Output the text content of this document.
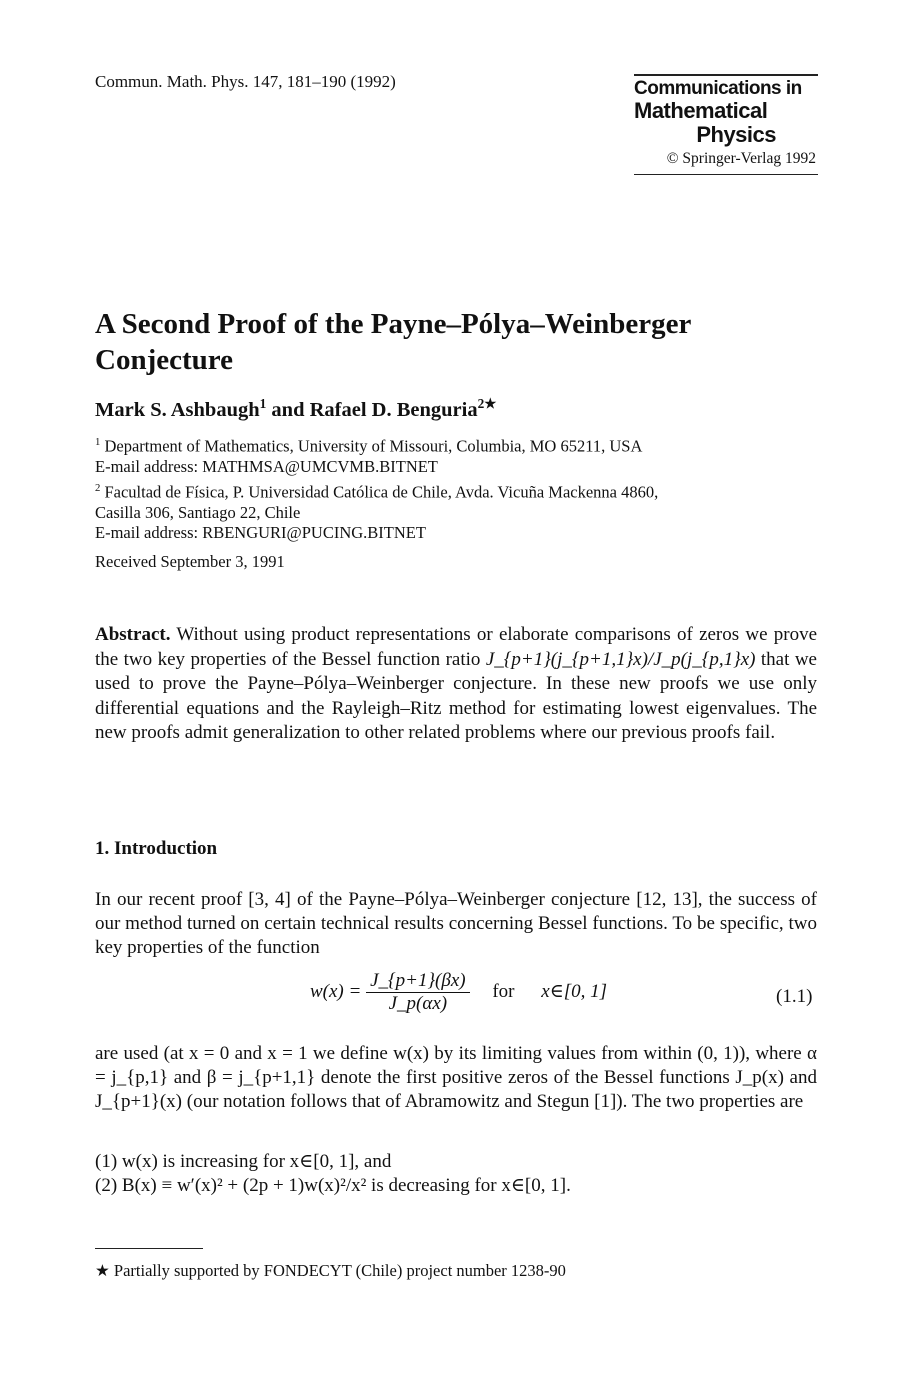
Commun. Math. Phys. 147, 181–190 (1992)	Communications in
Mathematical
Physics
© Springer-Verlag 1992
A Second Proof of the Payne–Pólya–Weinberger Conjecture
Mark S. Ashbaugh$^1$ and Rafael D. Benguria$^{2★}$
$^1$ Department of Mathematics, University of Missouri, Columbia, MO 65211, USA
E-mail address: MATHMSA@UMCVMB.BITNET
$^2$ Facultad de Física, P. Universidad Católica de Chile, Avda. Vicuña Mackenna 4860,
Casilla 306, Santiago 22, Chile
E-mail address: RBENGURI@PUCING.BITNET
Received September 3, 1991
Abstract. Without using product representations or elaborate comparisons of zeros we prove the two key properties of the Bessel function ratio J_{p+1}(j_{p+1,1}x)/J_p(j_{p,1}x) that we used to prove the Payne–Pólya–Weinberger conjecture. In these new proofs we use only differential equations and the Rayleigh–Ritz method for estimating lowest eigenvalues. The new proofs admit generalization to other related problems where our previous proofs fail.
1. Introduction
In our recent proof [3, 4] of the Payne–Pólya–Weinberger conjecture [12, 13], the success of our method turned on certain technical results concerning Bessel functions. To be specific, two key properties of the function
$w(x) = \frac{J\_\{p+1\}(\beta x)}{J\_p(\alpha x)}$ for x∈[0, 1]	(1.1)
are used (at x = 0 and x = 1 we define w(x) by its limiting values from within (0, 1)), where α = j_{p,1} and β = j_{p+1,1} denote the first positive zeros of the Bessel functions J_p(x) and J_{p+1}(x) (our notation follows that of Abramowitz and Stegun [1]). The two properties are
(1) w(x) is increasing for x∈[0, 1], and
(2) B(x) ≡ w′(x)² + (2p + 1)w(x)²/x² is decreasing for x∈[0, 1].
★ Partially supported by FONDECYT (Chile) project number 1238-90
